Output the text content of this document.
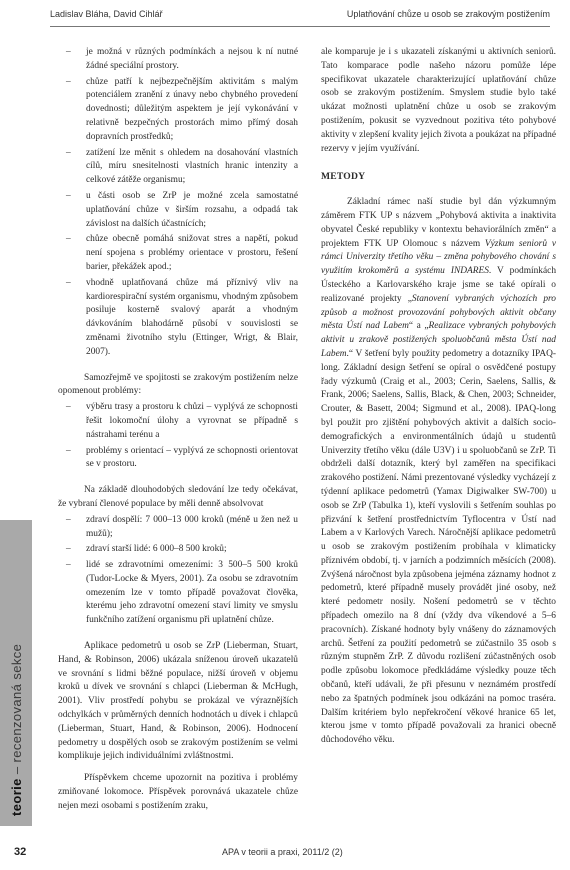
Ladislav Bláha, David Cihlář	Uplatňování chůze u osob se zrakovým postižením
teorie – recenzovaná sekce
– je možná v různých podmínkách a nejsou k ní nutné žádné speciální prostory.
– chůze patří k nejbezpečnějším aktivitám s malým potenciálem zranění z únavy nebo chybného provedení dovednosti; důležitým aspektem je její vykonávání v relativně bezpečných prostorách mimo přímý dosah dopravních prostředků;
– zatížení lze měnit s ohledem na dosahování vlastních cílů, míru snesitelnosti vlastních hranic intenzity a celkové zátěže organismu;
– u části osob se ZrP je možné zcela samostatné uplatňování chůze v širším rozsahu, a odpadá tak závislost na dalších účastnících;
– chůze obecně pomáhá snižovat stres a napětí, pokud není spojena s problémy orientace v prostoru, řešení barier, překážek apod.;
– vhodně uplatňovaná chůze má příznivý vliv na kardiorespirační systém organismu, vhodným způsobem posiluje kosterně svalový aparát a vhodným dávkováním blahodárně působí v souvislosti se změnami životního stylu (Ettinger, Wrigt, & Blair, 2007).

Samozřejmě ve spojitosti se zrakovým postižením nelze opomenout problémy:

– výběru trasy a prostoru k chůzi – vyplývá ze schopnosti řešit lokomoční úlohy a vyrovnat se případně s nástrahami terénu a
– problémy s orientací – vyplývá ze schopnosti orientovat se v prostoru.

Na základě dlouhodobých sledování lze tedy očekávat, že vybraní členové populace by měli denně absolvovat

– zdraví dospělí: 7 000–13 000 kroků (méně u žen než u mužů);
– zdraví starší lidé: 6 000–8 500 kroků;
– lidé se zdravotními omezeními: 3 500–5 500 kroků (Tudor-Locke & Myers, 2001). Za osobu se zdravotním omezením lze v tomto případě považovat člověka, kterému jeho zdravotní omezení staví limity ve smyslu funkčního zatížení organismu při uplatnění chůze.

Aplikace pedometrů u osob se ZrP (Lieberman, Stuart, Hand, & Robinson, 2006) ukázala sníženou úroveň ukazatelů ve srovnání s lidmi běžné populace, nižší úroveň v objemu kroků u dívek ve srovnání s chlapci (Lieberman & McHugh, 2001). Vliv prostředí pohybu se prokázal ve výraznějších odchylkách v průměrných denních hodnotách u dívek i chlapců (Lieberman, Stuart, Hand, & Robinson, 2006). Hodnocení pedometry u dospělých osob se zrakovým postižením se velmi komplikuje jejich individuálními zvláštnostmi.

Příspěvkem chceme upozornit na pozitiva i problémy zmiňované lokomoce. Příspěvek porovnává ukazatele chůze nejen mezi osobami s postižením zraku,

ale komparuje je i s ukazateli získanými u aktivních seniorů. Tato komparace podle našeho názoru pomůže lépe specifikovat ukazatele charakterizující uplatňování chůze osob se zrakovým postižením. Smyslem studie bylo také ukázat možnosti uplatnění chůze u osob se zrakovým postižením, pokusit se vyzvednout pozitiva této pohybové aktivity v zlepšení kvality jejich života a poukázat na případné rezervy v jejím využívání.

METODY

Základní rámec naší studie byl dán výzkumným záměrem FTK UP s názvem „Pohybová aktivita a inaktivita obyvatel České republiky v kontextu behaviorálních změn“ a projektem FTK UP Olomouc s názvem Výzkum seniorů v rámci Univerzity třetího věku – změna pohybového chování s využitím krokoměrů a systému INDARES. V podmínkách Ústeckého a Karlovarského kraje jsme se také opírali o realizované projekty „Stanovení vybraných výchozích pro způsob a možnost provozování pohybových aktivit občany města Ústí nad Labem“ a „Realizace vybraných pohybových aktivit u zrakově postižených spoluobčanů města Ústí nad Labem.“ V šetření byly použity pedometry a dotazníky IPAQ-long. Základní design šetření se opíral o osvědčené postupy řady výzkumů (Craig et al., 2003; Cerin, Saelens, Sallis, & Frank, 2006; Saelens, Sallis, Black, & Chen, 2003; Schneider, Crouter, & Basett, 2004; Sigmund et al., 2008). IPAQ-long byl použit pro zjištění pohybových aktivit a dalších socio-demografických a environmentálních údajů u studentů Univerzity třetího věku (dále U3V) i u spoluobčanů se ZrP. Ti obdrželi další dotazník, který byl zaměřen na specifikaci zrakového postižení. Námi prezentované výsledky vycházejí z týdenní aplikace pedometrů (Yamax Digiwalker SW-700) u osob se ZrP (Tabulka 1), kteří vyslovili s šetřením souhlas po přizvání k šetření prostřednictvím Tyflocentra v Ústí nad Labem a v Karlových Varech. Náročnější aplikace pedometrů u osob se zrakovým postižením probíhala v klimaticky příznivém období, tj. v jarních a podzimních měsících (2008). Zvýšená náročnost byla způsobena jejména záznamy hodnot z pedometrů, které případně musely provádět jiné osoby, než které pedometr nosily. Nošení pedometrů se v těchto případech omezilo na 8 dní (vždy dva víkendové a 5–6 pracovních). Získané hodnoty byly vnášeny do záznamových archů. Šetření za použití pedometrů se zúčastnilo 35 osob s různým stupněm ZrP. Z důvodu rozlišení zúčastněných osob podle způsobu lokomoce předkládáme výsledky pouze těch občanů, kteří udávali, že při přesunu v neznámém prostředí nebo za špatných podmínek jsou odkázáni na pomoc traséra. Dalším kritériem bylo nepřekročení věkové hranice 65 let, kterou jsme v tomto případě považovali za hranici obecně důchodového věku.

32	APA v teorii a praxi, 2011/2 (2)
